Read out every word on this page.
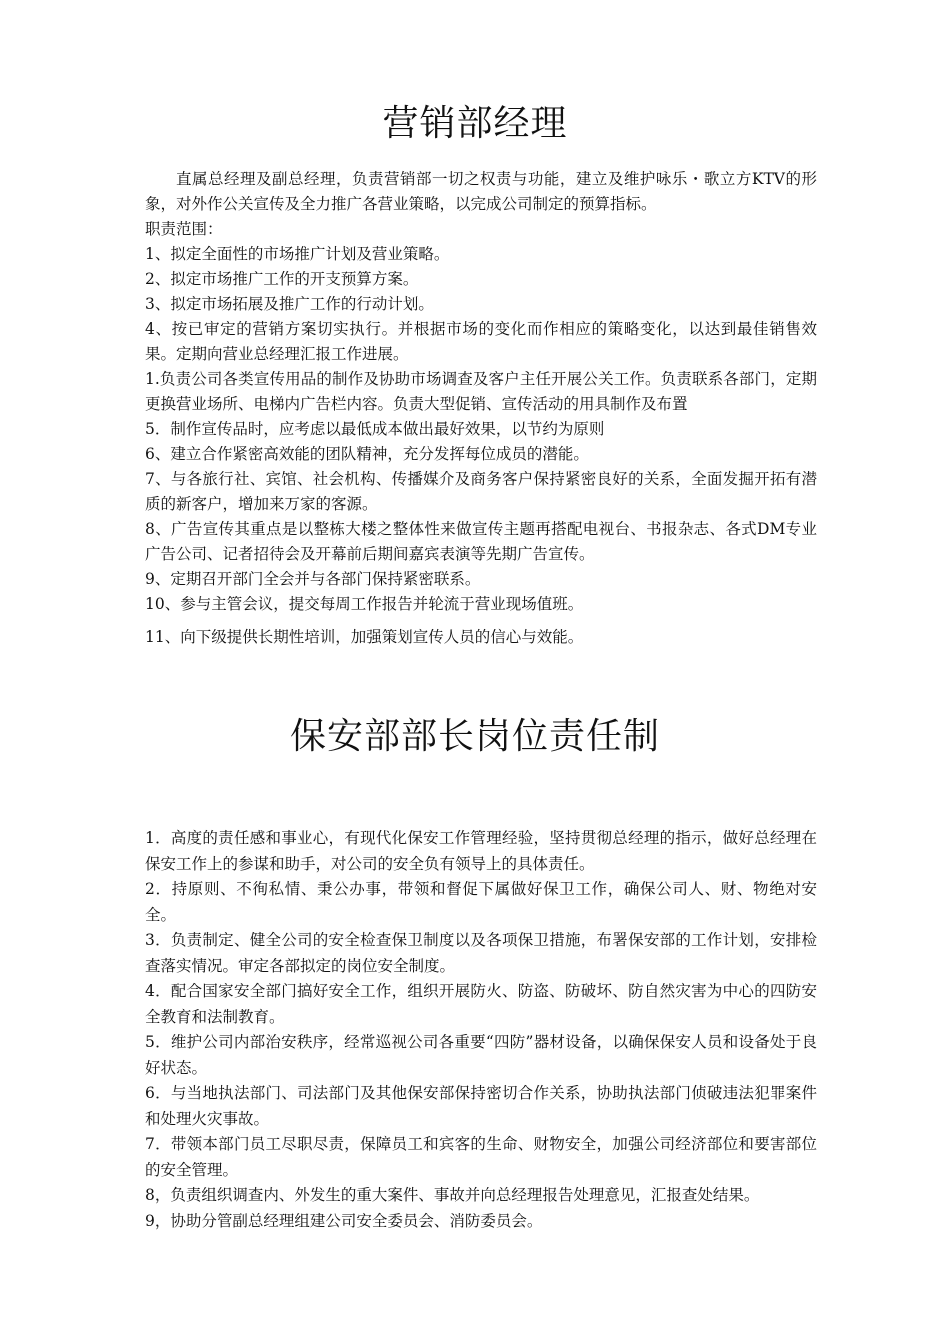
营销部经理

直属总经理及副总经理，负责营销部一切之权责与功能，建立及维护咏乐・歌立方KTV的形象，对外作公关宣传及全力推广各营业策略，以完成公司制定的预算指标。

职责范围：

1、拟定全面性的市场推广计划及营业策略。

2、拟定市场推广工作的开支预算方案。

3、拟定市场拓展及推广工作的行动计划。

4、按已审定的营销方案切实执行。并根据市场的变化而作相应的策略变化，以达到最佳销售效果。定期向营业总经理汇报工作进展。

1.负责公司各类宣传用品的制作及协助市场调查及客户主任开展公关工作。负责联系各部门，定期更换营业场所、电梯内广告栏内容。负责大型促销、宣传活动的用具制作及布置

5．制作宣传品时，应考虑以最低成本做出最好效果，以节约为原则

6、建立合作紧密高效能的团队精神，充分发挥每位成员的潜能。

7、与各旅行社、宾馆、社会机构、传播媒介及商务客户保持紧密良好的关系，全面发掘开拓有潜质的新客户，增加来万家的客源。

8、广告宣传其重点是以整栋大楼之整体性来做宣传主题再搭配电视台、书报杂志、各式DM专业广告公司、记者招待会及开幕前后期间嘉宾表演等先期广告宣传。

9、定期召开部门全会并与各部门保持紧密联系。

10、参与主管会议，提交每周工作报告并轮流于营业现场值班。

11、向下级提供长期性培训，加强策划宣传人员的信心与效能。

保安部部长岗位责任制

1．高度的责任感和事业心，有现代化保安工作管理经验，坚持贯彻总经理的指示，做好总经理在保安工作上的参谋和助手，对公司的安全负有领导上的具体责任。

2．持原则、不徇私情、秉公办事，带领和督促下属做好保卫工作，确保公司人、财、物绝对安全。

3．负责制定、健全公司的安全检查保卫制度以及各项保卫措施，布署保安部的工作计划，安排检查落实情况。审定各部拟定的岗位安全制度。

4．配合国家安全部门搞好安全工作，组织开展防火、防盗、防破坏、防自然灾害为中心的四防安全教育和法制教育。

5．维护公司内部治安秩序，经常巡视公司各重要“四防”器材设备，以确保保安人员和设备处于良好状态。

6．与当地执法部门、司法部门及其他保安部保持密切合作关系，协助执法部门侦破违法犯罪案件和处理火灾事故。

7．带领本部门员工尽职尽责，保障员工和宾客的生命、财物安全，加强公司经济部位和要害部位的安全管理。

8，负责组织调查内、外发生的重大案件、事故并向总经理报告处理意见，汇报查处结果。

9，协助分管副总经理组建公司安全委员会、消防委员会。
